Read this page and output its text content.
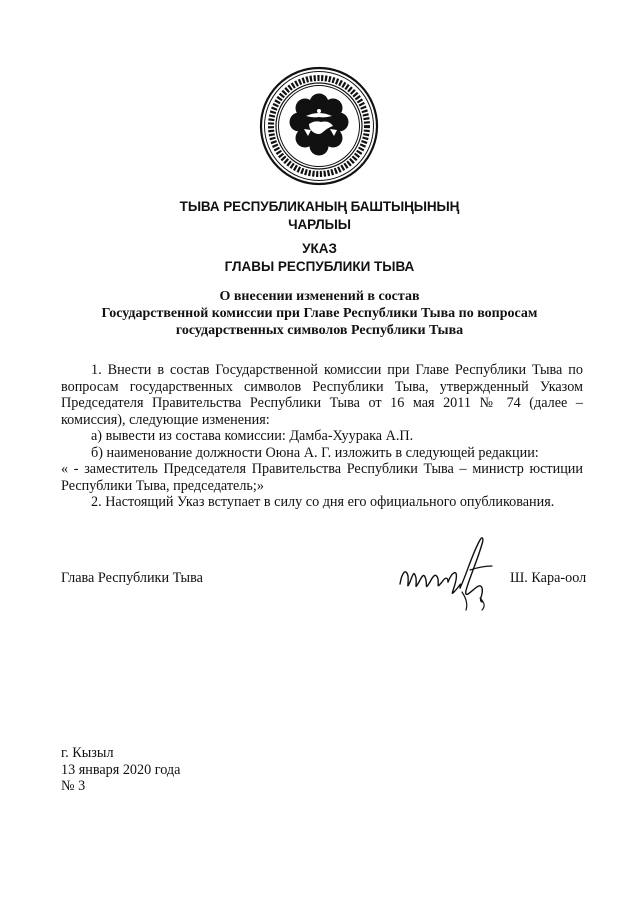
ТЫВА РЕСПУБЛИКАНЫҢ БАШТЫҢЫНЫҢ
ЧАРЛЫЫ
УКАЗ
ГЛАВЫ РЕСПУБЛИКИ ТЫВА
О внесении изменений в состав
Государственной комиссии при Главе Республики Тыва по вопросам
государственных символов Республики Тыва

1. Внести в состав Государственной комиссии при Главе Республики Тыва по

вопросам государственных символов Республики Тыва, утвержденный Указом

Председателя Правительства Республики Тыва от 16 мая 2011 № 74 (далее –

комиссия), следующие изменения:

а) вывести из состава комиссии: Дамба-Хуурака А.П.

б) наименование должности Оюна А. Г. изложить в следующей редакции:

« - заместитель Председателя Правительства Республики Тыва – министр юстиции

Республики Тыва, председатель;»

2. Настоящий Указ вступает в силу со дня его официального опубликования.

Глава Республики Тыва	Ш. Кара-оол
г. Кызыл
13 января 2020 года
№ 3
